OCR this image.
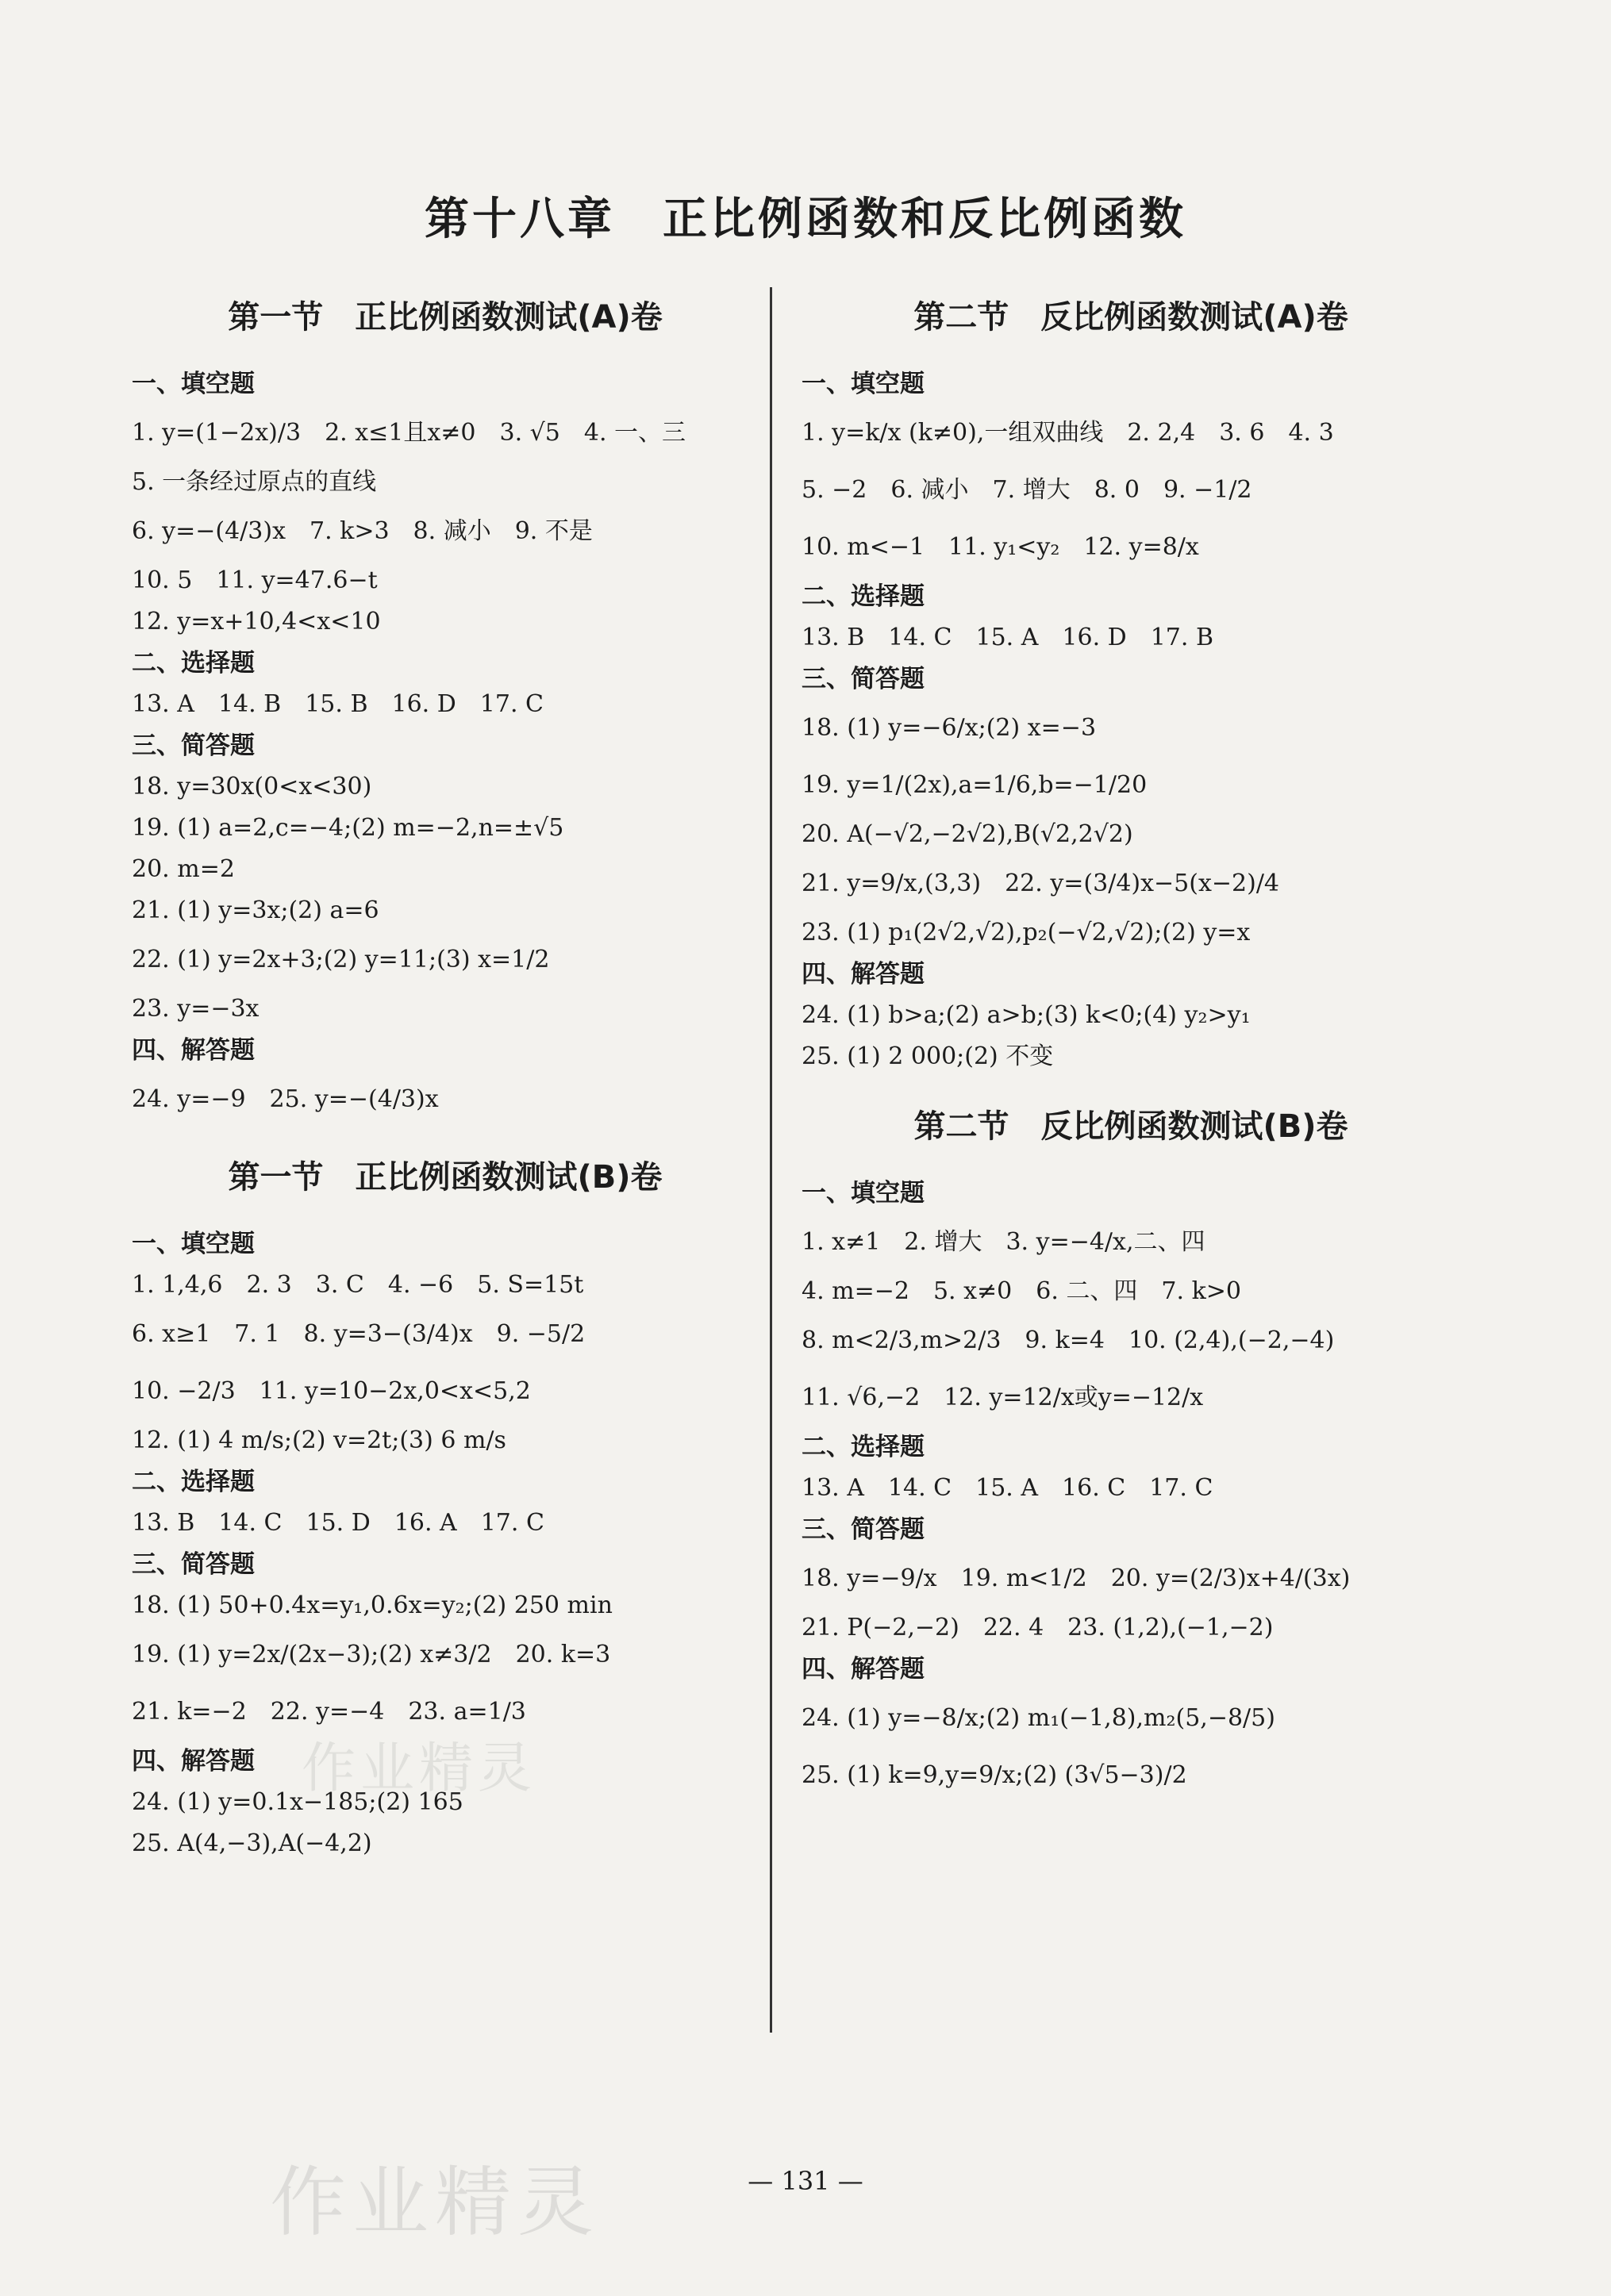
第十八章　正比例函数和反比例函数
第一节　正比例函数测试(A)卷
一、填空题
1. y=(1−2x)/3　2. x≤1且x≠0　3. √5　4. 一、三
5. 一条经过原点的直线
6. y=−(4/3)x　7. k>3　8. 减小　9. 不是
10. 5　11. y=47.6−t
12. y=x+10,4<x<10
二、选择题
13. A　14. B　15. B　16. D　17. C
三、简答题
18. y=30x(0<x<30)
19. (1) a=2,c=−4;(2) m=−2,n=±√5
20. m=2
21. (1) y=3x;(2) a=6
22. (1) y=2x+3;(2) y=11;(3) x=1/2
23. y=−3x
四、解答题
24. y=−9　25. y=−(4/3)x
第一节　正比例函数测试(B)卷
一、填空题
1. 1,4,6　2. 3　3. C　4. −6　5. S=15t
6. x≥1　7. 1　8. y=3−(3/4)x　9. −5/2
10. −2/3　11. y=10−2x,0<x<5,2
12. (1) 4 m/s;(2) v=2t;(3) 6 m/s
二、选择题
13. B　14. C　15. D　16. A　17. C
三、简答题
18. (1) 50+0.4x=y₁,0.6x=y₂;(2) 250 min
19. (1) y=2x/(2x−3);(2) x≠3/2　20. k=3
21. k=−2　22. y=−4　23. a=1/3
四、解答题
24. (1) y=0.1x−185;(2) 165
25. A(4,−3),A(−4,2)
第二节　反比例函数测试(A)卷
一、填空题
1. y=k/x (k≠0),一组双曲线　2. 2,4　3. 6　4. 3
5. −2　6. 减小　7. 增大　8. 0　9. −1/2
10. m<−1　11. y₁<y₂　12. y=8/x
二、选择题
13. B　14. C　15. A　16. D　17. B
三、简答题
18. (1) y=−6/x;(2) x=−3
19. y=1/(2x),a=1/6,b=−1/20
20. A(−√2,−2√2),B(√2,2√2)
21. y=9/x,(3,3)　22. y=(3/4)x−5(x−2)/4
23. (1) p₁(2√2,√2),p₂(−√2,√2);(2) y=x
四、解答题
24. (1) b>a;(2) a>b;(3) k<0;(4) y₂>y₁
25. (1) 2 000;(2) 不变
第二节　反比例函数测试(B)卷
一、填空题
1. x≠1　2. 增大　3. y=−4/x,二、四
4. m=−2　5. x≠0　6. 二、四　7. k>0
8. m<2/3,m>2/3　9. k=4　10. (2,4),(−2,−4)
11. √6,−2　12. y=12/x或y=−12/x
二、选择题
13. A　14. C　15. A　16. C　17. C
三、简答题
18. y=−9/x　19. m<1/2　20. y=(2/3)x+4/(3x)
21. P(−2,−2)　22. 4　23. (1,2),(−1,−2)
四、解答题
24. (1) y=−8/x;(2) m₁(−1,8),m₂(5,−8/5)
25. (1) k=9,y=9/x;(2) (3√5−3)/2
作业精灵
— 131 —
作业精灵
